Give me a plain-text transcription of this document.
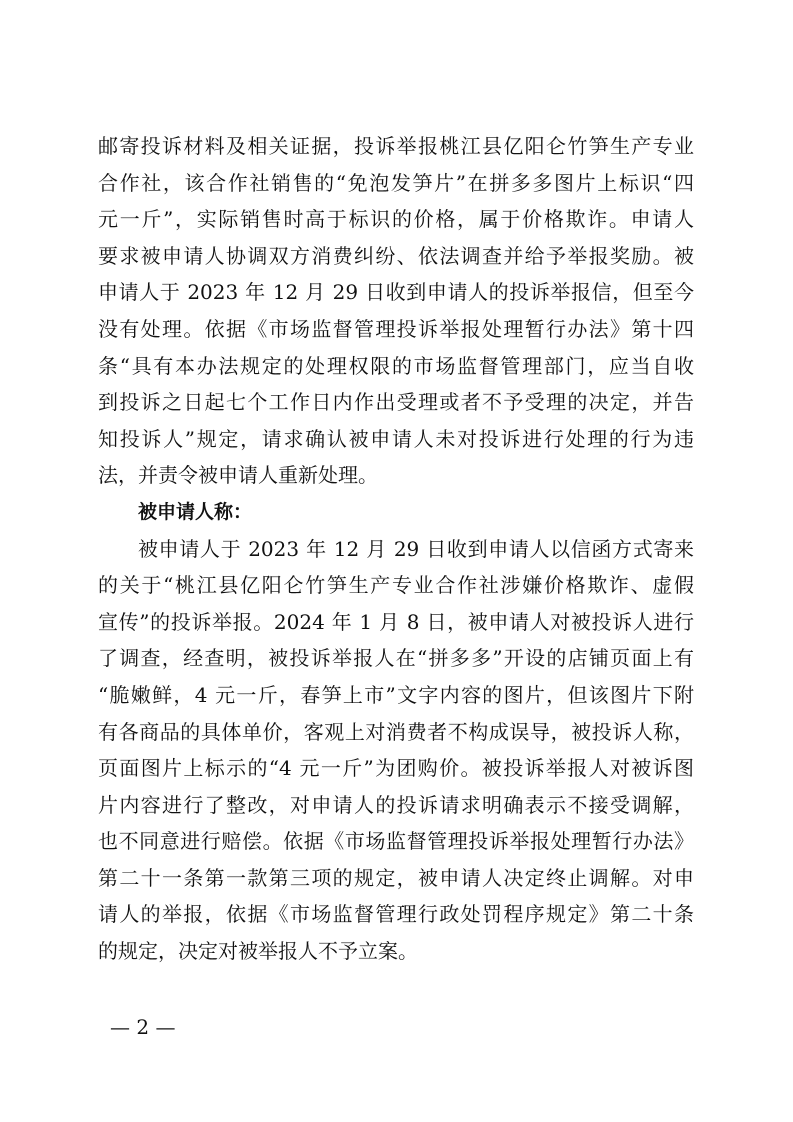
邮寄投诉材料及相关证据，投诉举报桃江县亿阳仑竹笋生产专业
合作社，该合作社销售的“免泡发笋片”在拼多多图片上标识“四
元一斤”，实际销售时高于标识的价格，属于价格欺诈。申请人
要求被申请人协调双方消费纠纷、依法调查并给予举报奖励。被
申请人于 2023 年 12 月 29 日收到申请人的投诉举报信，但至今
没有处理。依据《市场监督管理投诉举报处理暂行办法》第十四
条“具有本办法规定的处理权限的市场监督管理部门，应当自收
到投诉之日起七个工作日内作出受理或者不予受理的决定，并告
知投诉人”规定，请求确认被申请人未对投诉进行处理的行为违
法，并责令被申请人重新处理。
被申请人称：
被申请人于 2023 年 12 月 29 日收到申请人以信函方式寄来
的关于“桃江县亿阳仑竹笋生产专业合作社涉嫌价格欺诈、虚假
宣传”的投诉举报。2024 年 1 月 8 日，被申请人对被投诉人进行
了调查，经查明，被投诉举报人在“拼多多”开设的店铺页面上有
“脆嫩鲜，4 元一斤，春笋上市”文字内容的图片，但该图片下附
有各商品的具体单价，客观上对消费者不构成误导，被投诉人称，
页面图片上标示的“4 元一斤”为团购价。被投诉举报人对被诉图
片内容进行了整改，对申请人的投诉请求明确表示不接受调解，
也不同意进行赔偿。依据《市场监督管理投诉举报处理暂行办法》
第二十一条第一款第三项的规定，被申请人决定终止调解。对申
请人的举报，依据《市场监督管理行政处罚程序规定》第二十条
的规定，决定对被举报人不予立案。
— 2 —
